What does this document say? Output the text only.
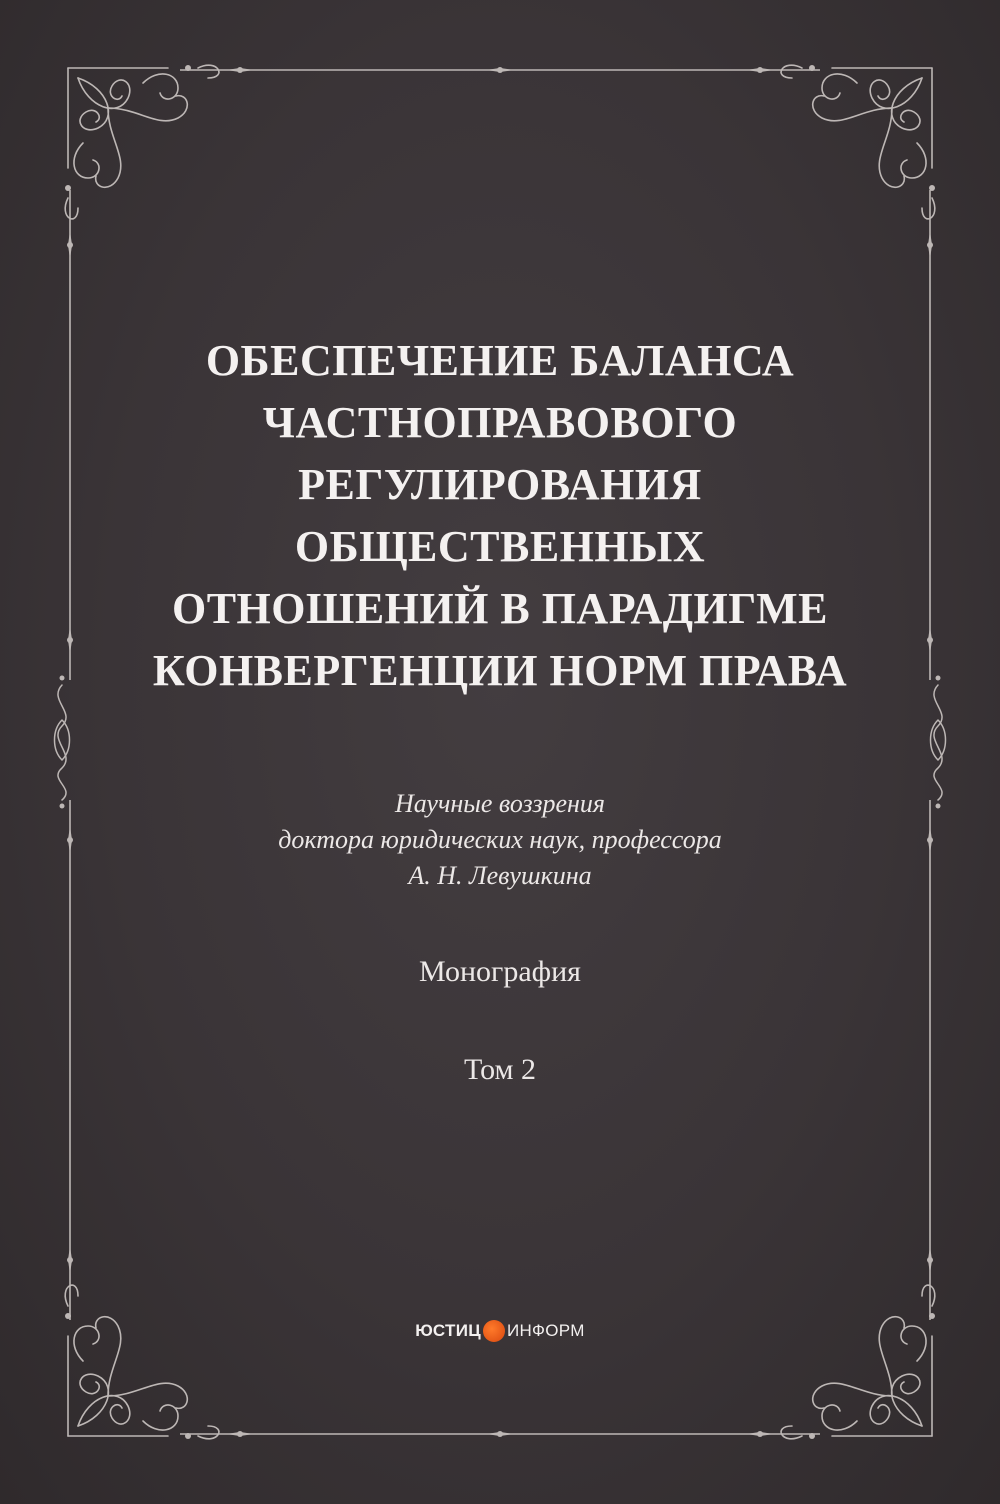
ОБЕСПЕЧЕНИЕ БАЛАНСА
ЧАСТНОПРАВОВОГО
РЕГУЛИРОВАНИЯ
ОБЩЕСТВЕННЫХ
ОТНОШЕНИЙ В ПАРАДИГМЕ
КОНВЕРГЕНЦИИ НОРМ ПРАВА
Научные воззрения
доктора юридических наук, профессора
А. Н. Левушкина
Монография
Том 2
ЮСТИЦ ИНФОРМ
